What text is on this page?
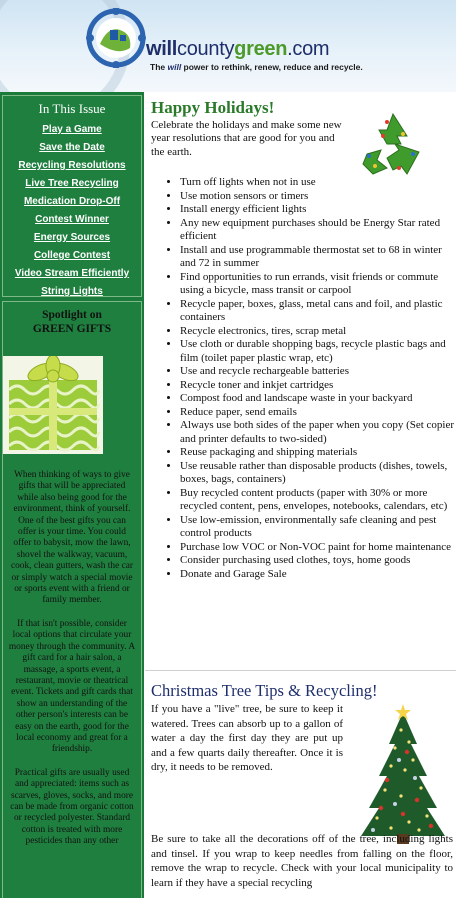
willcountygreen.com
The will power to rethink, renew, reduce and recycle.
In This Issue
Play a Game
Save the Date
Recycling Resolutions
Live Tree Recycling
Medication Drop-Off
Contest Winner
Energy Sources
College Contest
Video Stream Efficiently
String Lights
Spotlight on
GREEN GIFTS
When thinking of ways to give gifts that will be appreciated while also being good for the environment, think of yourself. One of the best gifts you can offer is your time. You could offer to babysit, mow the lawn, shovel the walkway, vacuum, cook, clean gutters, wash the car or simply watch a special movie or sports event with a friend or family member.
If that isn't possible, consider local options that circulate your money through the community. A gift card for a hair salon, a massage, a sports event, a restaurant, movie or theatrical event. Tickets and gift cards that show an understanding of the other person's interests can be easy on the earth, good for the local economy and great for a friendship.
Practical gifts are usually used and appreciated: items such as scarves, gloves, socks, and more can be made from organic cotton or recycled polyester. Standard cotton is treated with more pesticides than any other
Happy Holidays!
Celebrate the holidays and make some new year resolutions that are good for you and the earth.
• Turn off lights when not in use
• Use motion sensors or timers
• Install energy efficient lights
• Any new equipment purchases should be Energy Star rated efficient
• Install and use programmable thermostat set to 68 in winter and 72 in summer
• Find opportunities to run errands, visit friends or commute using a bicycle, mass transit or carpool
• Recycle paper, boxes, glass, metal cans and foil, and plastic containers
• Recycle electronics, tires, scrap metal
• Use cloth or durable shopping bags, recycle plastic bags and film (toilet paper plastic wrap, etc)
• Use and recycle rechargeable batteries
• Recycle toner and inkjet cartridges
• Compost food and landscape waste in your backyard
• Reduce paper, send emails
• Always use both sides of the paper when you copy (Set copier and printer defaults to two-sided)
• Reuse packaging and shipping materials
• Use reusable rather than disposable products (dishes, towels, boxes, bags, containers)
• Buy recycled content products (paper with 30% or more recycled content, pens, envelopes, notebooks, calendars, etc)
• Use low-emission, environmentally safe cleaning and pest control products
• Purchase low VOC or Non-VOC paint for home maintenance
• Consider purchasing used clothes, toys, home goods
• Donate and Garage Sale
Christmas Tree Tips & Recycling!
If you have a "live" tree, be sure to keep it watered. Trees can absorb up to a gallon of water a day the first day they are put up and a few quarts daily thereafter. Once it is dry, it needs to be removed.
Be sure to take all the decorations off of the tree, including lights and tinsel. If you wrap to keep needles from falling on the floor, remove the wrap to recycle. Check with your local municipality to learn if they have a special recycling
